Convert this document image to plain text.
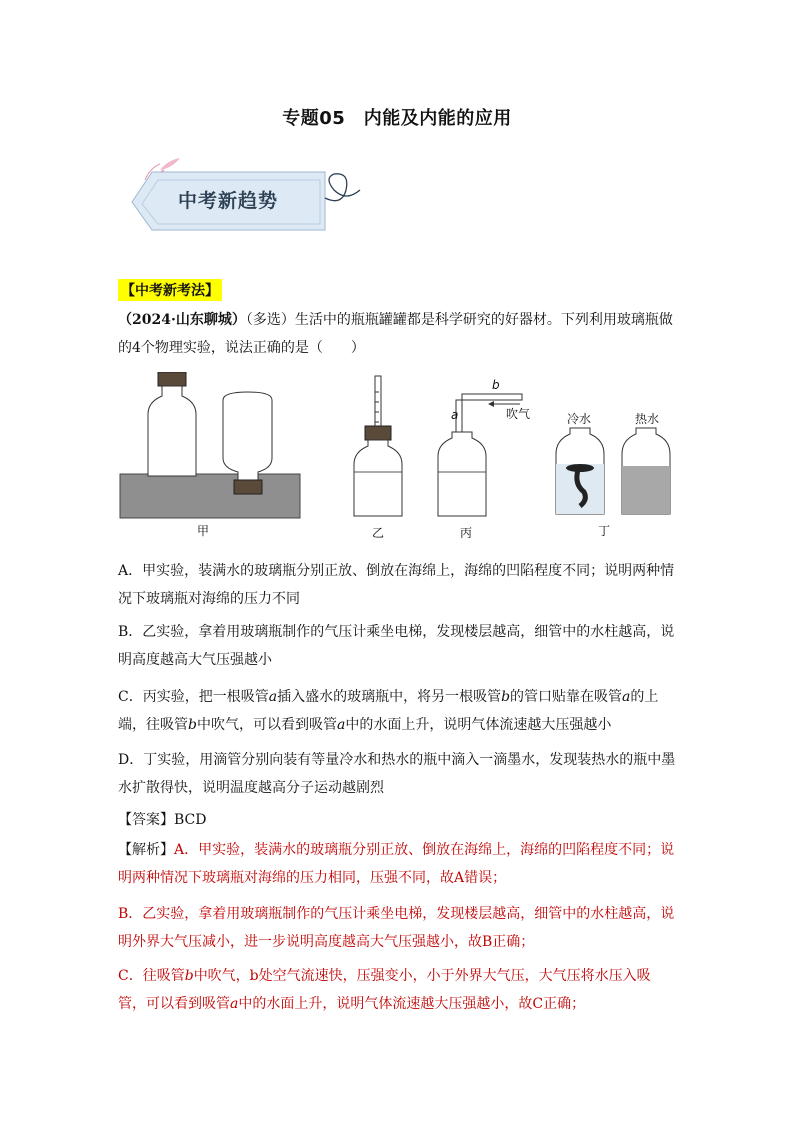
专题05　内能及内能的应用
中考新趋势
【中考新考法】
（2024·山东聊城）（多选）生活中的瓶瓶罐罐都是科学研究的好器材。下列利用玻璃瓶做的4个物理实验，说法正确的是（　　）
甲	乙	丙	丁
a
b
吹气	冷水	热水
A．甲实验，装满水的玻璃瓶分别正放、倒放在海绵上，海绵的凹陷程度不同；说明两种情况下玻璃瓶对海绵的压力不同
B．乙实验，拿着用玻璃瓶制作的气压计乘坐电梯，发现楼层越高，细管中的水柱越高，说明高度越高大气压强越小
C．丙实验，把一根吸管a插入盛水的玻璃瓶中，将另一根吸管b的管口贴靠在吸管a的上端，往吸管b中吹气，可以看到吸管a中的水面上升，说明气体流速越大压强越小
D．丁实验，用滴管分别向装有等量冷水和热水的瓶中滴入一滴墨水，发现装热水的瓶中墨水扩散得快，说明温度越高分子运动越剧烈
【答案】BCD
【解析】A．甲实验，装满水的玻璃瓶分别正放、倒放在海绵上，海绵的凹陷程度不同；说明两种情况下玻璃瓶对海绵的压力相同，压强不同，故A错误；
B．乙实验，拿着用玻璃瓶制作的气压计乘坐电梯，发现楼层越高，细管中的水柱越高，说明外界大气压减小，进一步说明高度越高大气压强越小，故B正确；
C．往吸管b中吹气，b处空气流速快，压强变小，小于外界大气压，大气压将水压入吸管，可以看到吸管a中的水面上升，说明气体流速越大压强越小，故C正确；
